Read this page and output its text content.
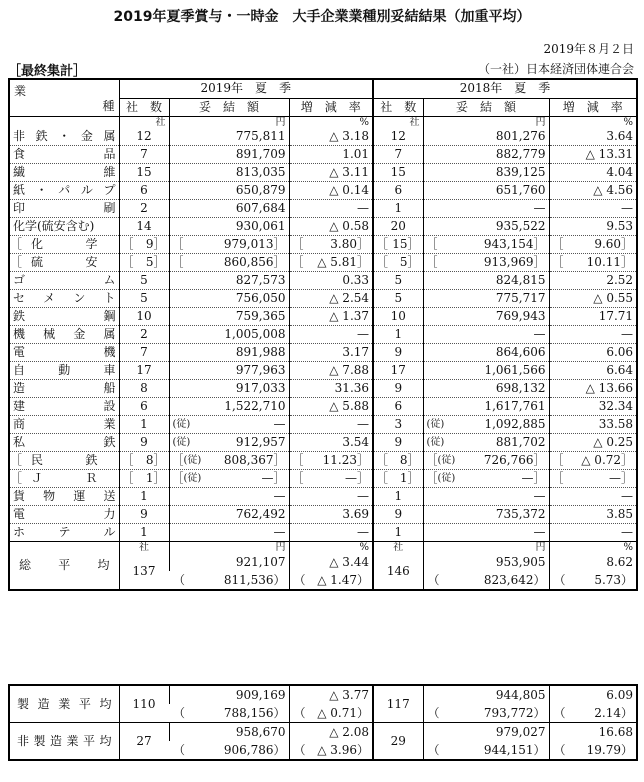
2019年夏季賞与・一時金　大手企業業種別妥結結果（加重平均）
2019年８月２日
［最終集計］	（一社）日本経済団体連合会
業
種	2019年　夏　季			2018年　夏　季		
	社　数	妥　結　額	増　減　率	社　数	妥　結　額	増　減　率
	社	円	%	社	円	%

非鉄・金属	12	775,811	△ 3.18	12	801,276	3.64

食品	7	891,709	1.01	7	882,779	△ 13.31

繊維	15	813,035	△ 3.11	15	839,125	4.04

紙・パルプ	6	650,879	△ 0.14	6	651,760	△ 4.56

印刷	2	607,684	—	1	—	—

化学(硫安含む)	14	930,061	△ 0.58	20	935,522	9.53

［ 化学	［ 9］	［ 979,013］	［ 3.80］	［ 15］	［ 943,154］	［ 9.60］

［ 硫安	［ 5］	［ 860,856］	［ △ 5.81］	［ 5］	［ 913,969］	［ 10.11］

ゴム	5	827,573	0.33	5	824,815	2.52

セメント	5	756,050	△ 2.54	5	775,717	△ 0.55

鉄鋼	10	759,365	△ 1.37	10	769,943	17.71

機械金属	2	1,005,008	—	1	—	—

電機	7	891,988	3.17	9	864,606	6.06

自動車	17	977,963	△ 7.88	17	1,061,566	6.64

造船	8	917,033	31.36	9	698,132	△ 13.66

建設	6	1,522,710	△ 5.88	6	1,617,761	32.34

商業	1	(従) —	—	3	(従) 1,092,885	33.58

私鉄	9	(従) 912,957	3.54	9	(従) 881,702	△ 0.25

［ 民鉄	［ 8］	［ (従) 808,367］	［ 11.23］	［ 8］	［ (従) 726,766］	［ △ 0.72］

［ ＪＲ	［ 1］	［ (従) —］	［ —］	［ 1］	［ (従) —］	［ —］

貨物運送	1	—	—	1	—	—

電力	9	762,492	3.69	9	735,372	3.85

ホテル	1	—	—	1	—	—

総　平　均	社	円	%	社	円	%
	137	921,107	△ 3.44	146	953,905	8.62

		（ 811,536）	（ △ 1.47）		（ 823,642）	（ 5.73）
製造業平均	110	909,169	△ 3.77	117	944,805	6.09

		（ 788,156）	（ △ 0.71）		（ 793,772）	（ 2.14）

非製造業平均	27	958,670	△ 2.08	29	979,027	16.68

		（ 906,786）	（ △ 3.96）		（ 944,151）	（ 19.79）
